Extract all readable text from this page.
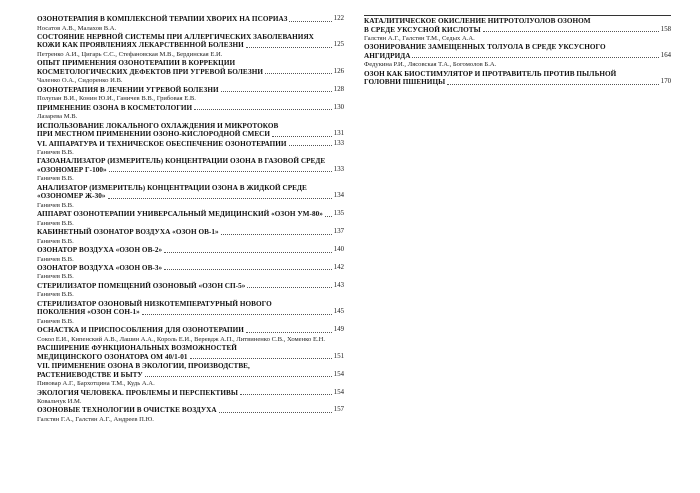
ОЗОНОТЕРАПИЯ В КОМПЛЕКСНОЙ ТЕРАПИИ ХВОРИХ НА ПСОРИАЗ	122
Носатов А.В., Малахов В.А.
СОСТОЯНИЕ НЕРВНОЙ СИСТЕМЫ ПРИ АЛЛЕРГИЧЕСКИХ ЗАБОЛЕВАНИЯХ
КОЖИ КАК ПРОЯВЛЕНИЯХ ЛЕКАРСТВЕННОЙ БОЛЕЗНИ	125
Петренко А.И., Цигарь С.С., Стефановская М.В., Бердинская Е.И.
ОПЫТ ПРИМЕНЕНИЯ ОЗОНОТЕРАПИИ В КОРРЕКЦИИ
КОСМЕТОЛОГИЧЕСКИХ ДЕФЕКТОВ ПРИ УГРЕВОЙ БОЛЕЗНИ	126
Чаленко О.А., Сидоренко И.В.
ОЗОНОТЕРАПИЯ В ЛЕЧЕНИИ УГРЕВОЙ БОЛЕЗНИ	128
Полупан В.И., Конин Ю.И., Ганичев В.В., Грибовая Е.В.
ПРИМЕНЕНИЕ ОЗОНА В КОСМЕТОЛОГИИ	130
Лазарева М.В.
ИСПОЛЬЗОВАНИЕ ЛОКАЛЬНОГО ОХЛАЖДЕНИЯ И МИКРОТОКОВ
ПРИ МЕСТНОМ ПРИМЕНЕНИИ ОЗОНО-КИСЛОРОДНОЙ СМЕСИ	131
VI. АППАРАТУРА И ТЕХНИЧЕСКОЕ ОБЕСПЕЧЕНИЕ ОЗОНОТЕРАПИИ	133
Ганичев В.В.
ГАЗОАНАЛИЗАТОР (ИЗМЕРИТЕЛЬ) КОНЦЕНТРАЦИИ ОЗОНА В ГАЗОВОЙ СРЕДЕ
«ОЗОНОМЕР Г-100»	133
Ганичев В.В.
АНАЛИЗАТОР (ИЗМЕРИТЕЛЬ) КОНЦЕНТРАЦИИ ОЗОНА В ЖИДКОЙ СРЕДЕ
«ОЗОНОМЕР Ж-30»	134
Ганичев В.В.
АППАРАТ ОЗОНОТЕРАПИИ УНИВЕРСАЛЬНЫЙ МЕДИЦИНСКИЙ «ОЗОН УМ-80» 135
Ганичев В.В.
КАБИНЕТНЫЙ ОЗОНАТОР ВОЗДУХА «ОЗОН ОВ-1»	137
Ганичев В.В.
ОЗОНАТОР ВОЗДУХА «ОЗОН ОВ-2»	140
Ганичев В.В.
ОЗОНАТОР ВОЗДУХА «ОЗОН ОВ-3»	142
Ганичев В.В.
СТЕРИЛИЗАТОР ПОМЕЩЕНИЙ ОЗОНОВЫЙ «ОЗОН СП-5»	143
Ганичев В.В.
СТЕРИЛИЗАТОР ОЗОНОВЫЙ НИЗКОТЕМПЕРАТУРНЫЙ НОВОГО
ПОКОЛЕНИЯ «ОЗОН СОН-1»	145
Ганичев В.В.
ОСНАСТКА И ПРИСПОСОБЛЕНИЯ ДЛЯ ОЗОНОТЕРАПИИ	149
Сокол Е.И., Кипенский А.В., Лашин А.А., Король Е.И., Веревдж А.П., Литвиненко С.В., Хоменко Е.Н.
РАСШИРЕНИЕ ФУНКЦИОНАЛЬНЫХ ВОЗМОЖНОСТЕЙ
МЕДИЦИНСКОГО ОЗОНАТОРА ОМ 40/1-01	151
VII. ПРИМЕНЕНИЕ ОЗОНА В ЭКОЛОГИИ, ПРОИЗВОДСТВЕ,
РАСТЕНИЕВОДСТВЕ И БЫТУ	154
Пивовар А.Г., Бархотцина Т.М., Кудь А.А.
ЭКОЛОГИЯ ЧЕЛОВЕКА. ПРОБЛЕМЫ И ПЕРСПЕКТИВЫ	154
Ковальчук И.М.
ОЗОНОВЫЕ ТЕХНОЛОГИИ В ОЧИСТКЕ ВОЗДУХА	157
Галстян Г.А., Галстян А.Г., Андреев П.Ю.
КАТАЛИТИЧЕСКОЕ ОКИСЛЕНИЕ НИТРОТОЛУОЛОВ ОЗОНОМ
В СРЕДЕ УКСУСНОЙ КИСЛОТЫ	158
Галстян А.Г., Галстян Т.М., Седых А.А.
ОЗОНИРОВАНИЕ ЗАМЕЩЕННЫХ ТОЛУОЛА В СРЕДЕ УКСУСНОГО
АНГИДРИДА	164
Федукина Р.И., Лясовская Т.А., Богомолов Б.А.
ОЗОН КАК БИОСТИМУЛЯТОР И ПРОТРАВИТЕЛЬ ПРОТИВ ПЫЛЬНОЙ
ГОЛОВНИ ПШЕНИЦЫ	170
